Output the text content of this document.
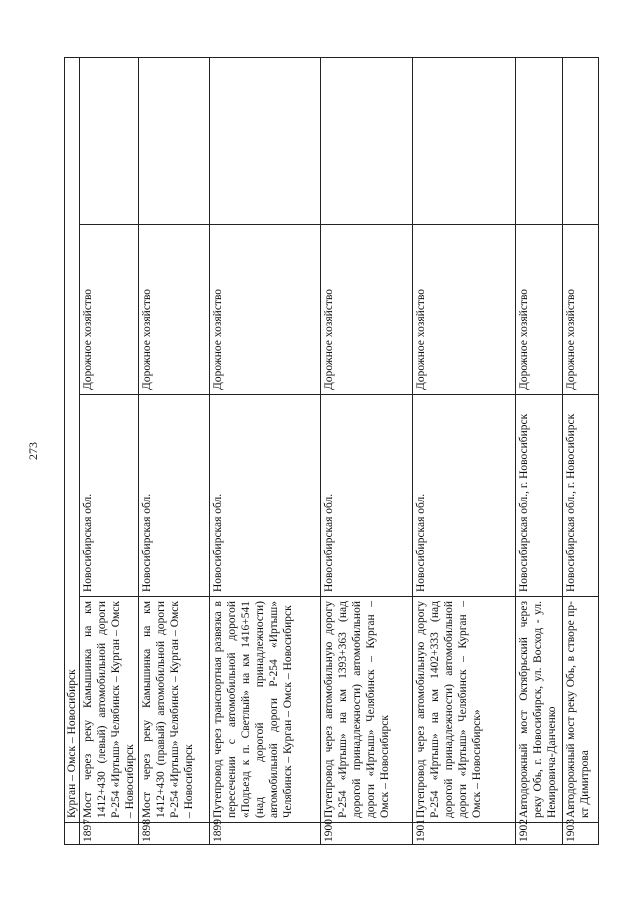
273
	Курган – Омск – Новосибирск			
1897	Мост через реку Камышинка на км 1412+430 (левый) автомобильной дороги Р-254 «Иртыш» Челябинск – Курган – Омск – Новосибирск	Новосибирская обл.	Дорожное хозяйство	
1898	Мост через реку Камышинка на км 1412+430 (правый) автомобильной дороги Р-254 «Иртыш» Челябинск – Курган – Омск – Новосибирск	Новосибирская обл.	Дорожное хозяйство	
1899	Путепровод через транспортная развязка в пересечении с автомобильной дорогой «Подъезд к п. Светлый» на км 1416+541 (над дорогой принадлежности) автомобильной дороги Р-254 «Иртыш» Челябинск – Курган – Омск – Новосибирск	Новосибирская обл.	Дорожное хозяйство	
1900	Путепровод через автомобильную дорогу Р-254 «Иртыш» на км 1393+363 (над дорогой принадлежности) автомобильной дороги «Иртыш» Челябинск – Курган – Омск – Новосибирск	Новосибирская обл.	Дорожное хозяйство	
1901	Путепровод через автомобильную дорогу Р-254 «Иртыш» на км 1402+333 (над дорогой принадлежности) автомобильной дороги «Иртыш» Челябинск – Курган – Омск – Новосибирск»	Новосибирская обл.	Дорожное хозяйство	
1902	Автодорожный мост Октябрьский через реку Обь, г. Новосибирск, ул. Восход - ул. Немировича-Данченко	Новосибирская обл., г. Новосибирск	Дорожное хозяйство	
1903	Автодорожный мост реку Обь, в створе пр-кт Димитрова	Новосибирская обл., г. Новосибирск	Дорожное хозяйство	
